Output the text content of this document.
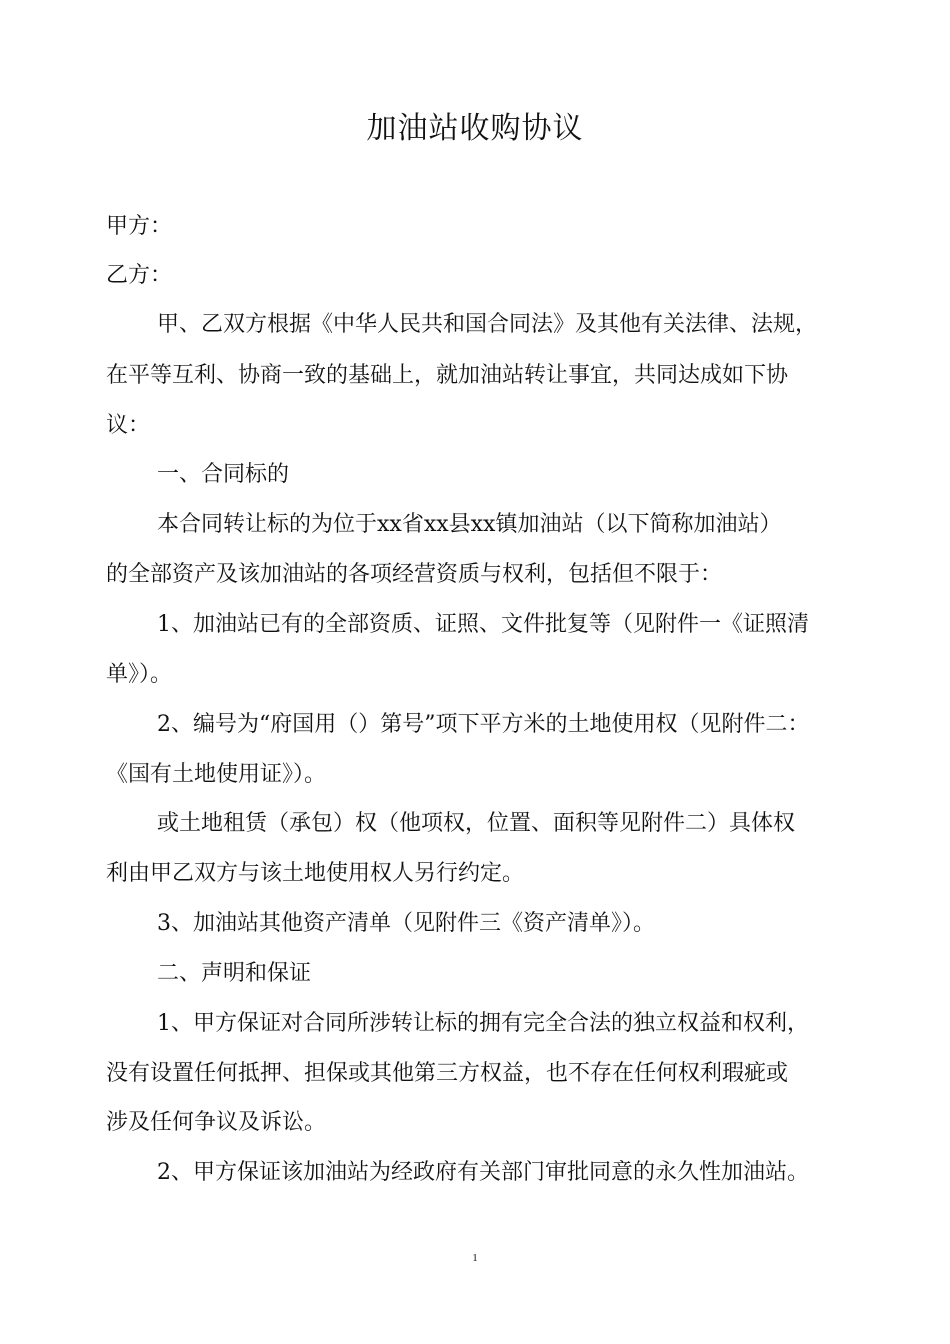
加油站收购协议
甲方：
乙方：
甲、乙双方根据《中华人民共和国合同法》及其他有关法律、法规，
在平等互利、协商一致的基础上，就加油站转让事宜，共同达成如下协
议：
一、合同标的
本合同转让标的为位于xx省xx县xx镇加油站（以下简称加油站）
的全部资产及该加油站的各项经营资质与权利，包括但不限于：
1、加油站已有的全部资质、证照、文件批复等（见附件一《证照清
单》）。
2、编号为“府国用（）第号”项下平方米的土地使用权（见附件二：
《国有土地使用证》）。
或土地租赁（承包）权（他项权，位置、面积等见附件二）具体权
利由甲乙双方与该土地使用权人另行约定。
3、加油站其他资产清单（见附件三《资产清单》）。
二、声明和保证
1、甲方保证对合同所涉转让标的拥有完全合法的独立权益和权利，
没有设置任何抵押、担保或其他第三方权益，也不存在任何权利瑕疵或
涉及任何争议及诉讼。
2、甲方保证该加油站为经政府有关部门审批同意的永久性加油站。
1
